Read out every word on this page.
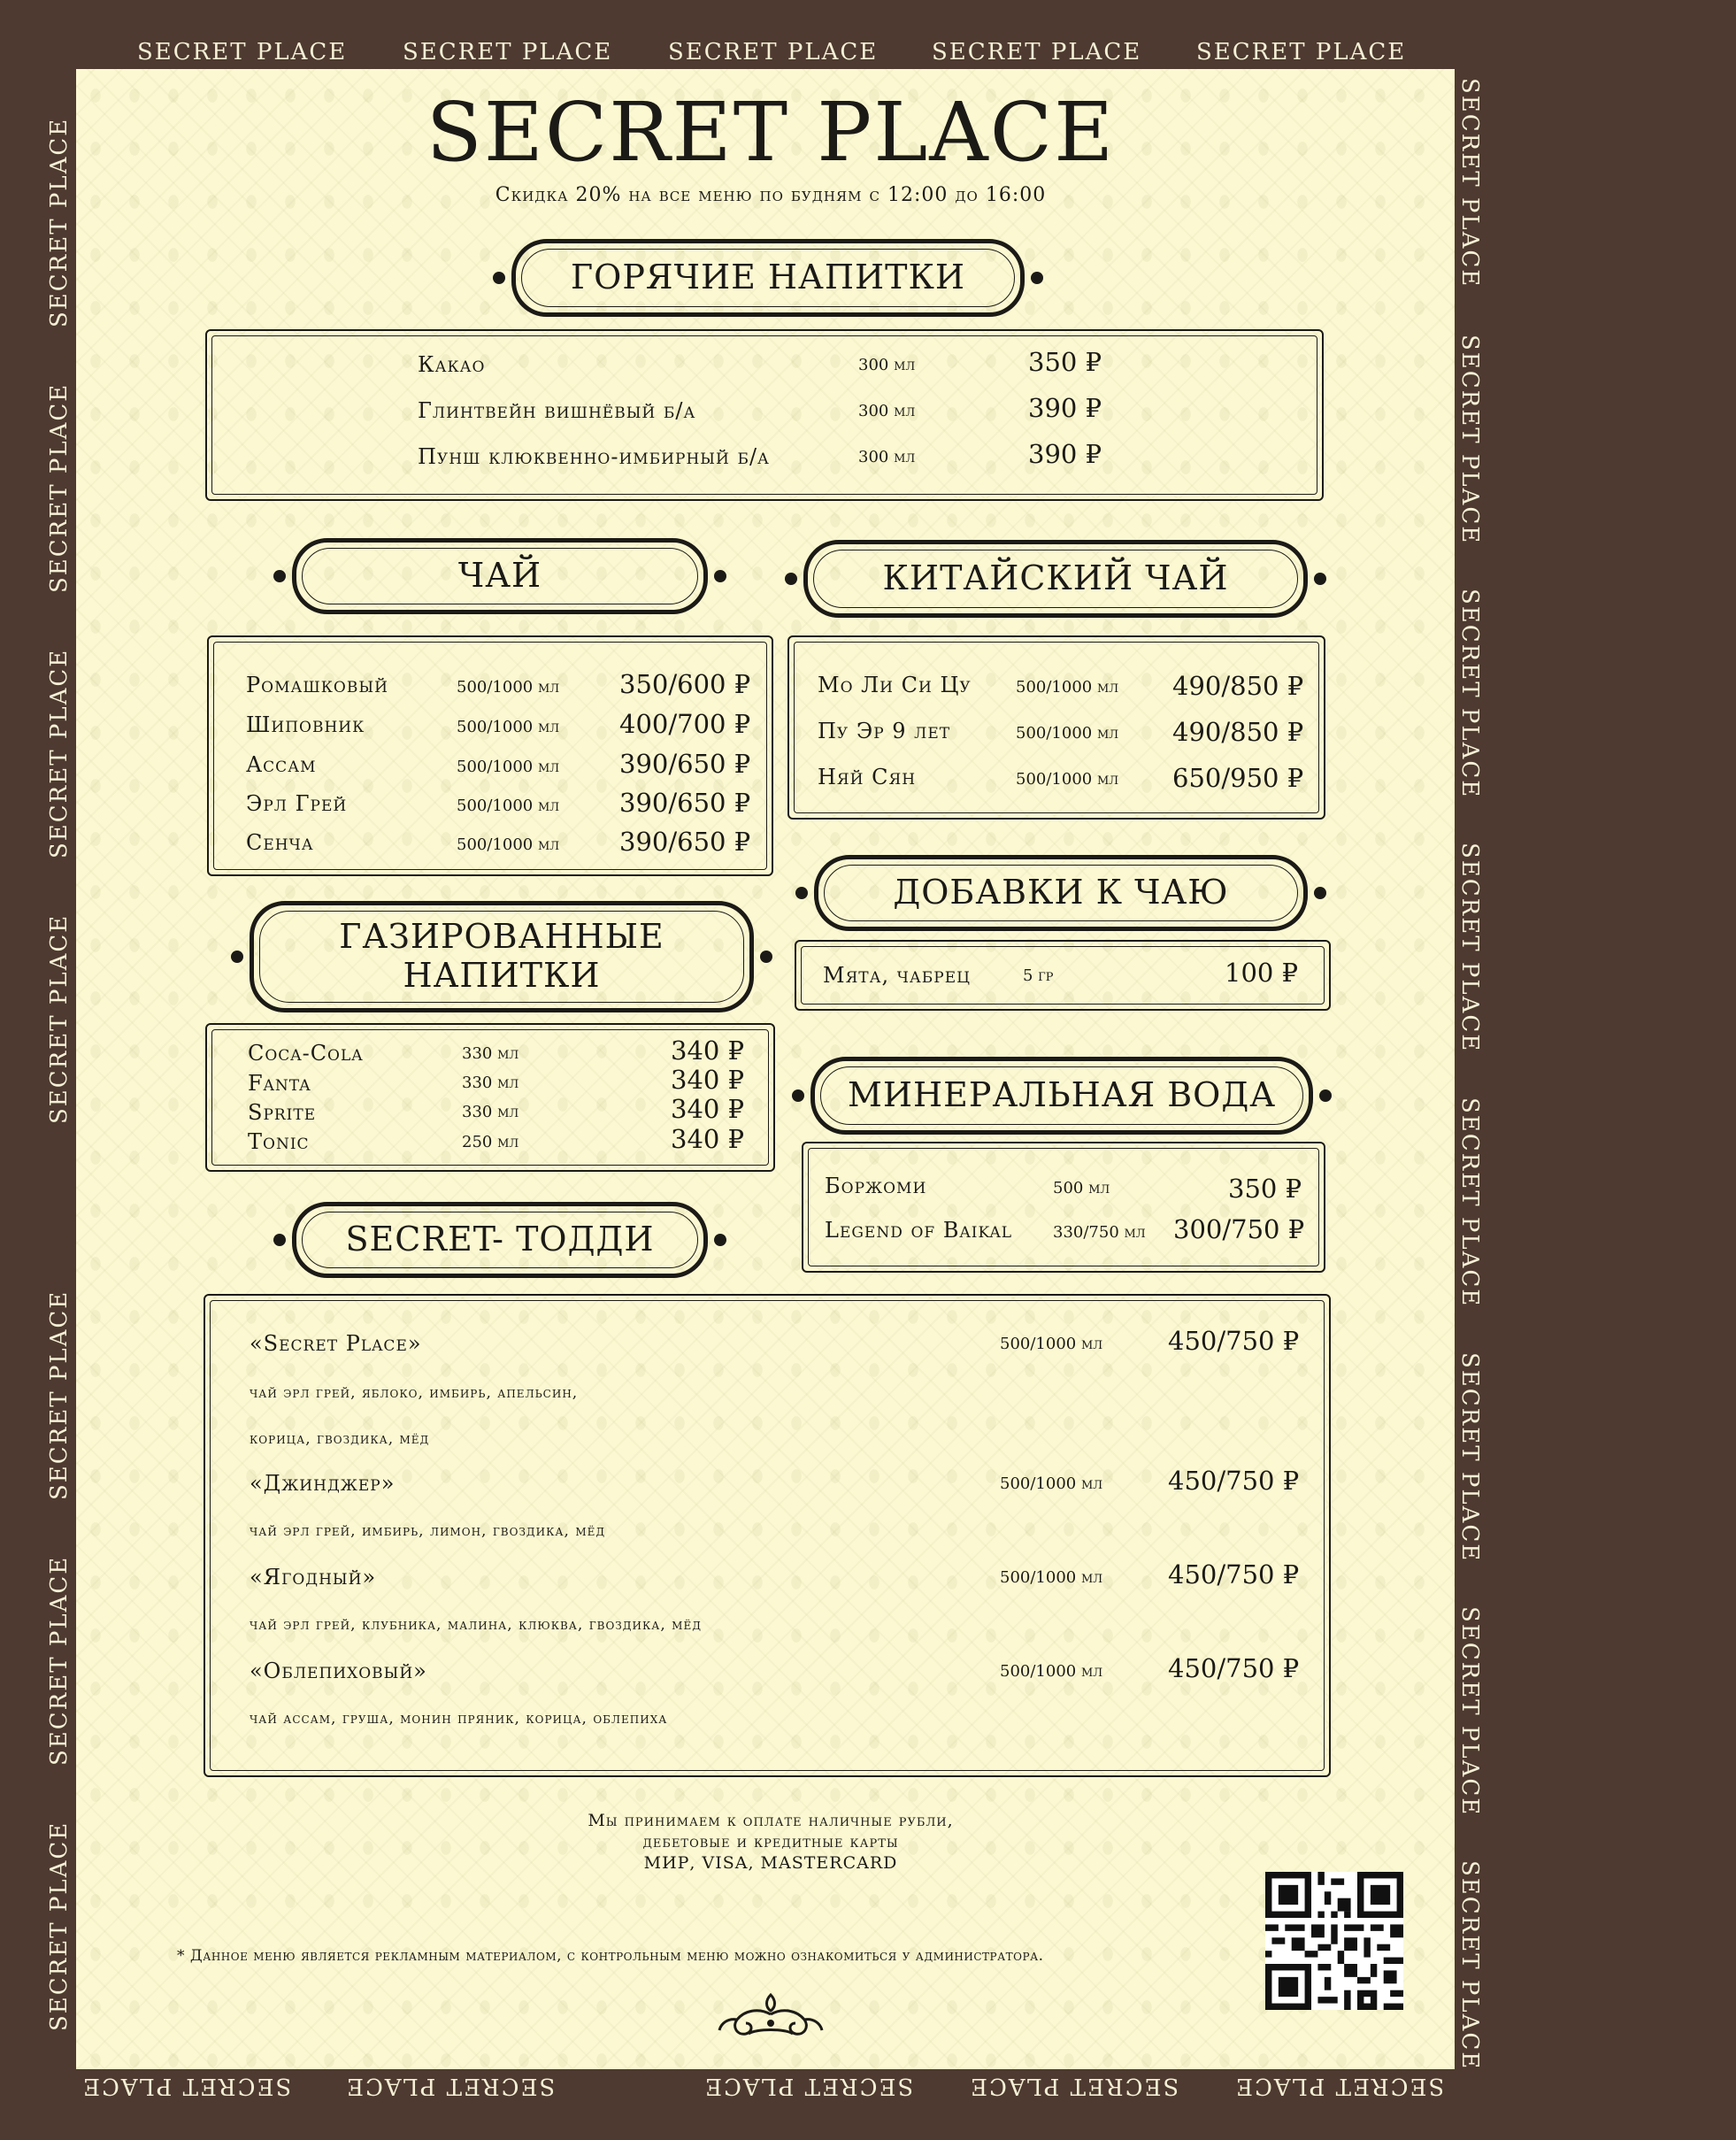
SECRET PLACE SECRET PLACE SECRET PLACE SECRET PLACE SECRET PLACE
SECRET PLACE SECRET PLACE	SECRET PLACE SECRET PLACE SECRET PLACE
SECRET PLACE
SECRET PLACE
SECRET PLACE
SECRET PLACE
SECRET PLACE
SECRET PLACE
SECRET PLACE
SECRET PLACE
SECRET PLACE
SECRET PLACE
SECRET PLACE
SECRET PLACE
SECRET PLACE
SECRET PLACE
SECRET PLACE
SECRET PLACE
Скидка 20% на все меню по будням с 12:00 до 16:00
ГОРЯЧИЕ НАПИТКИ
Какао	300 мл	350 ₽
Глинтвейн вишнёвый б/а	300 мл	390 ₽
Пунш клюквенно-имбирный б/а	300 мл	390 ₽
ЧАЙ
Ромашковый	500/1000 мл 350/600 ₽
Шиповник	500/1000 мл 400/700 ₽
Ассам	500/1000 мл 390/650 ₽
Эрл Грей	500/1000 мл 390/650 ₽
Сенча	500/1000 мл 390/650 ₽
КИТАЙСКИЙ ЧАЙ
Мо Ли Си Цу	500/1000 мл 490/850 ₽
Пу Эр 9 лет	500/1000 мл 490/850 ₽
Няй Сян	500/1000 мл 650/950 ₽
ДОБАВКИ К ЧАЮ
Мята, чабрец	5 гр	100 ₽
ГАЗИРОВАННЫЕ
НАПИТКИ
Coca-Cola	330 мл	340 ₽
Fanta	330 мл	340 ₽
Sprite	330 мл	340 ₽
Tonic	250 мл	340 ₽
МИНЕРАЛЬНАЯ ВОДА
Боржоми	500 мл	350 ₽
Legend of Baikal	330/750 мл 300/750 ₽
SECRET- ТОДДИ
«Secret Place»	500/1000 мл	450/750 ₽
чай эрл грей, яблоко, имбирь, апельсин,
корица, гвоздика, мёд
«Джинджер»	500/1000 мл	450/750 ₽
чай эрл грей, имбирь, лимон, гвоздика, мёд
«Ягодный»	500/1000 мл	450/750 ₽
чай эрл грей, клубника, малина, клюква, гвоздика, мёд
«Облепиховый»	500/1000 мл	450/750 ₽
чай ассам, груша, монин пряник, корица, облепиха
Мы принимаем к оплате наличные рубли,
дебетовые и кредитные карты
МИР, VISA, MASTERCARD
* Данное меню является рекламным материалом, с контрольным меню можно ознакомиться у администратора.
